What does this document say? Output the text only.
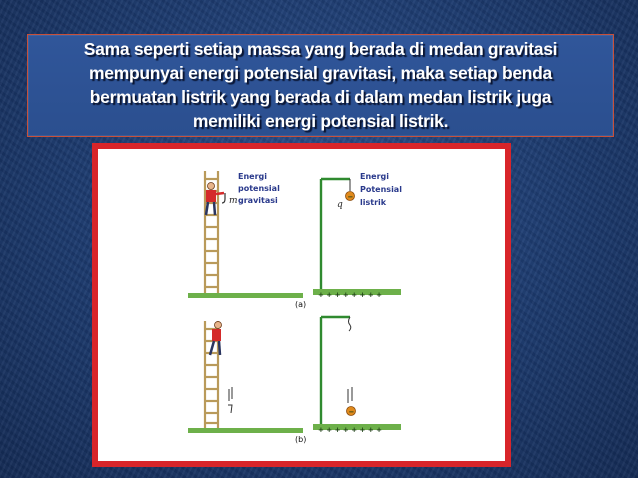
Sama seperti setiap massa yang berada di medan gravitasi
mempunyai energi potensial gravitasi, maka setiap benda
bermuatan listrik yang berada di dalam medan listrik juga
memiliki energi potensial listrik.

m
Energi
potensial
gravitasi	−
q
Energi
Potensial
listrik
+ + + + + + + +
(a)
−
+ + + + + + + +
(b)
